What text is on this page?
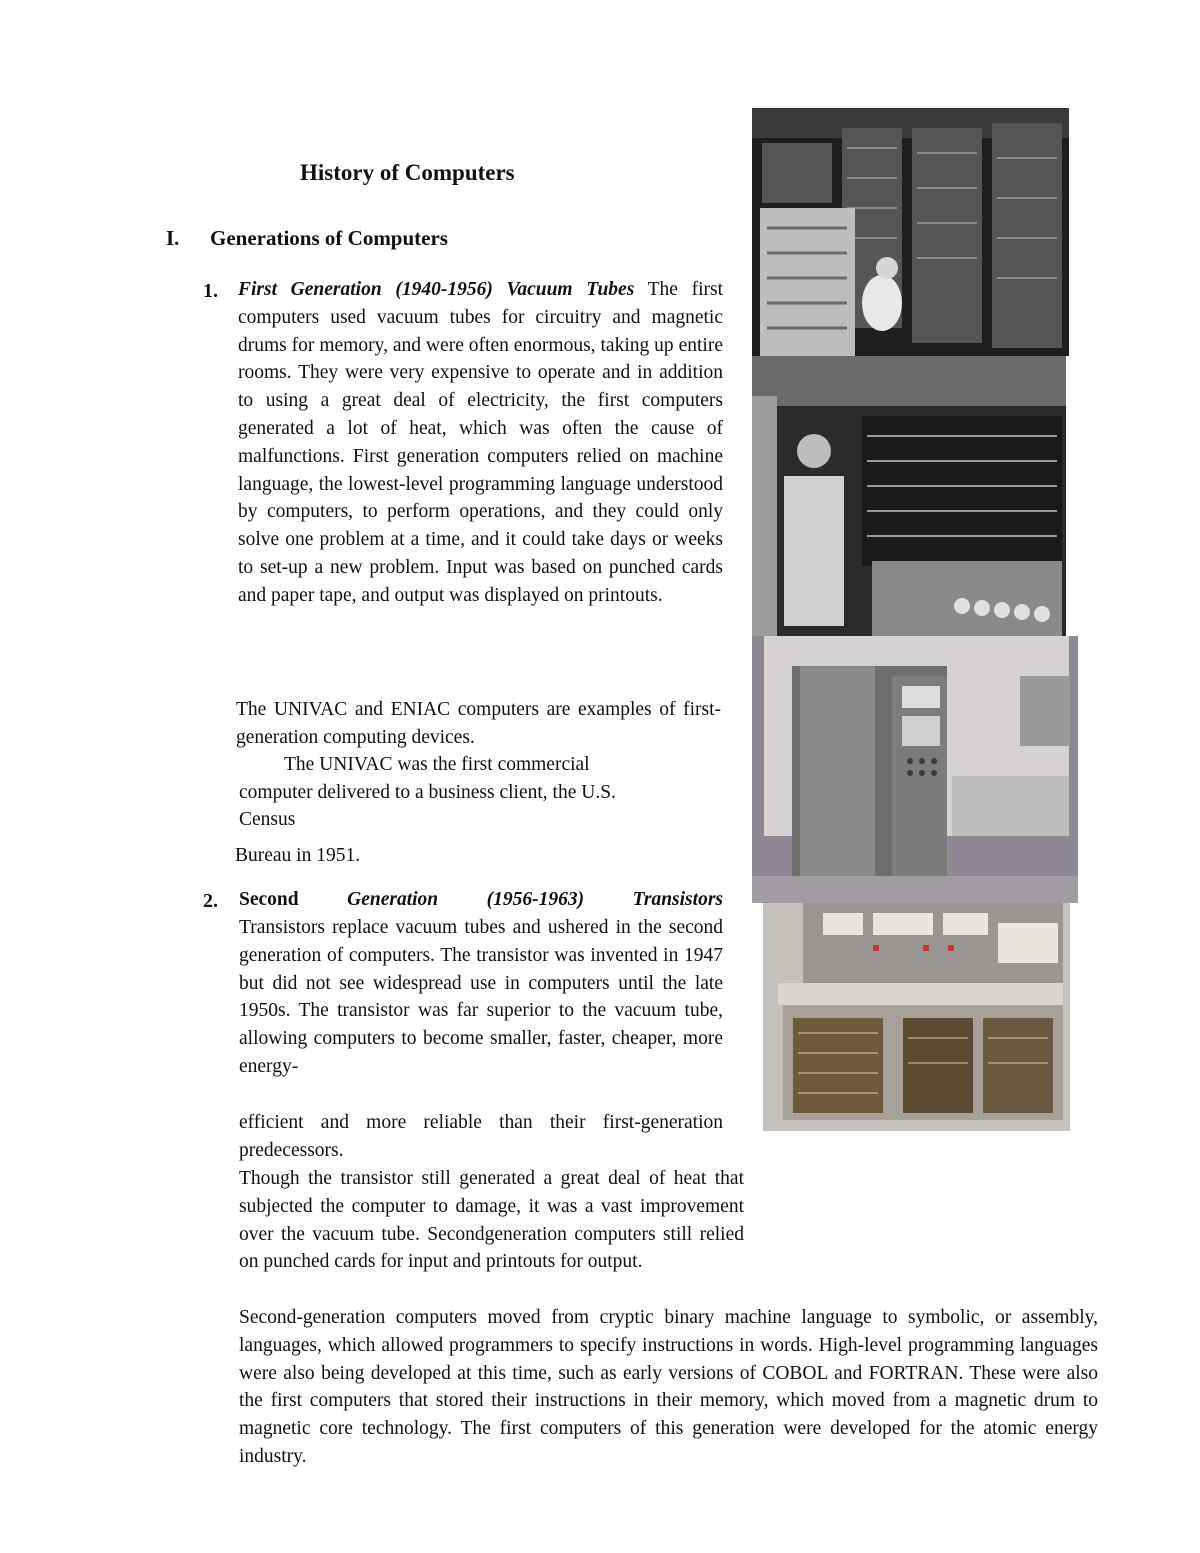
History of Computers
I. Generations of Computers
1. First Generation (1940-1956) Vacuum Tubes The first computers used vacuum tubes for circuitry and magnetic drums for memory, and were often enormous, taking up entire rooms. They were very expensive to operate and in addition to using a great deal of electricity, the first computers generated a lot of heat, which was often the cause of malfunctions. First generation computers relied on machine language, the lowest-level programming language understood by computers, to perform operations, and they could only solve one problem at a time, and it could take days or weeks to set-up a new problem. Input was based on punched cards and paper tape, and output was displayed on printouts.

The UNIVAC and ENIAC computers are examples of first-generation computing devices.

The UNIVAC was the first commercial

computer delivered to a business client, the U.S.

Census

Bureau in 1951.

2. Second Generation (1956-1963) Transistors

Transistors replace vacuum tubes and ushered in the second generation of computers. The transistor was invented in 1947 but did not see widespread use in computers until the late 1950s. The transistor was far superior to the vacuum tube, allowing computers to become smaller, faster, cheaper, more energy-

efficient and more reliable than their first-generation predecessors.

Though the transistor still generated a great deal of heat that subjected the computer to damage, it was a vast improvement over the vacuum tube. Secondgeneration computers still relied on punched cards for input and printouts for output.

Second-generation computers moved from cryptic binary machine language to symbolic, or assembly, languages, which allowed programmers to specify instructions in words. High-level programming languages were also being developed at this time, such as early versions of COBOL and FORTRAN. These were also the first computers that stored their instructions in their memory, which moved from a magnetic drum to magnetic core technology. The first computers of this generation were developed for the atomic energy industry.
